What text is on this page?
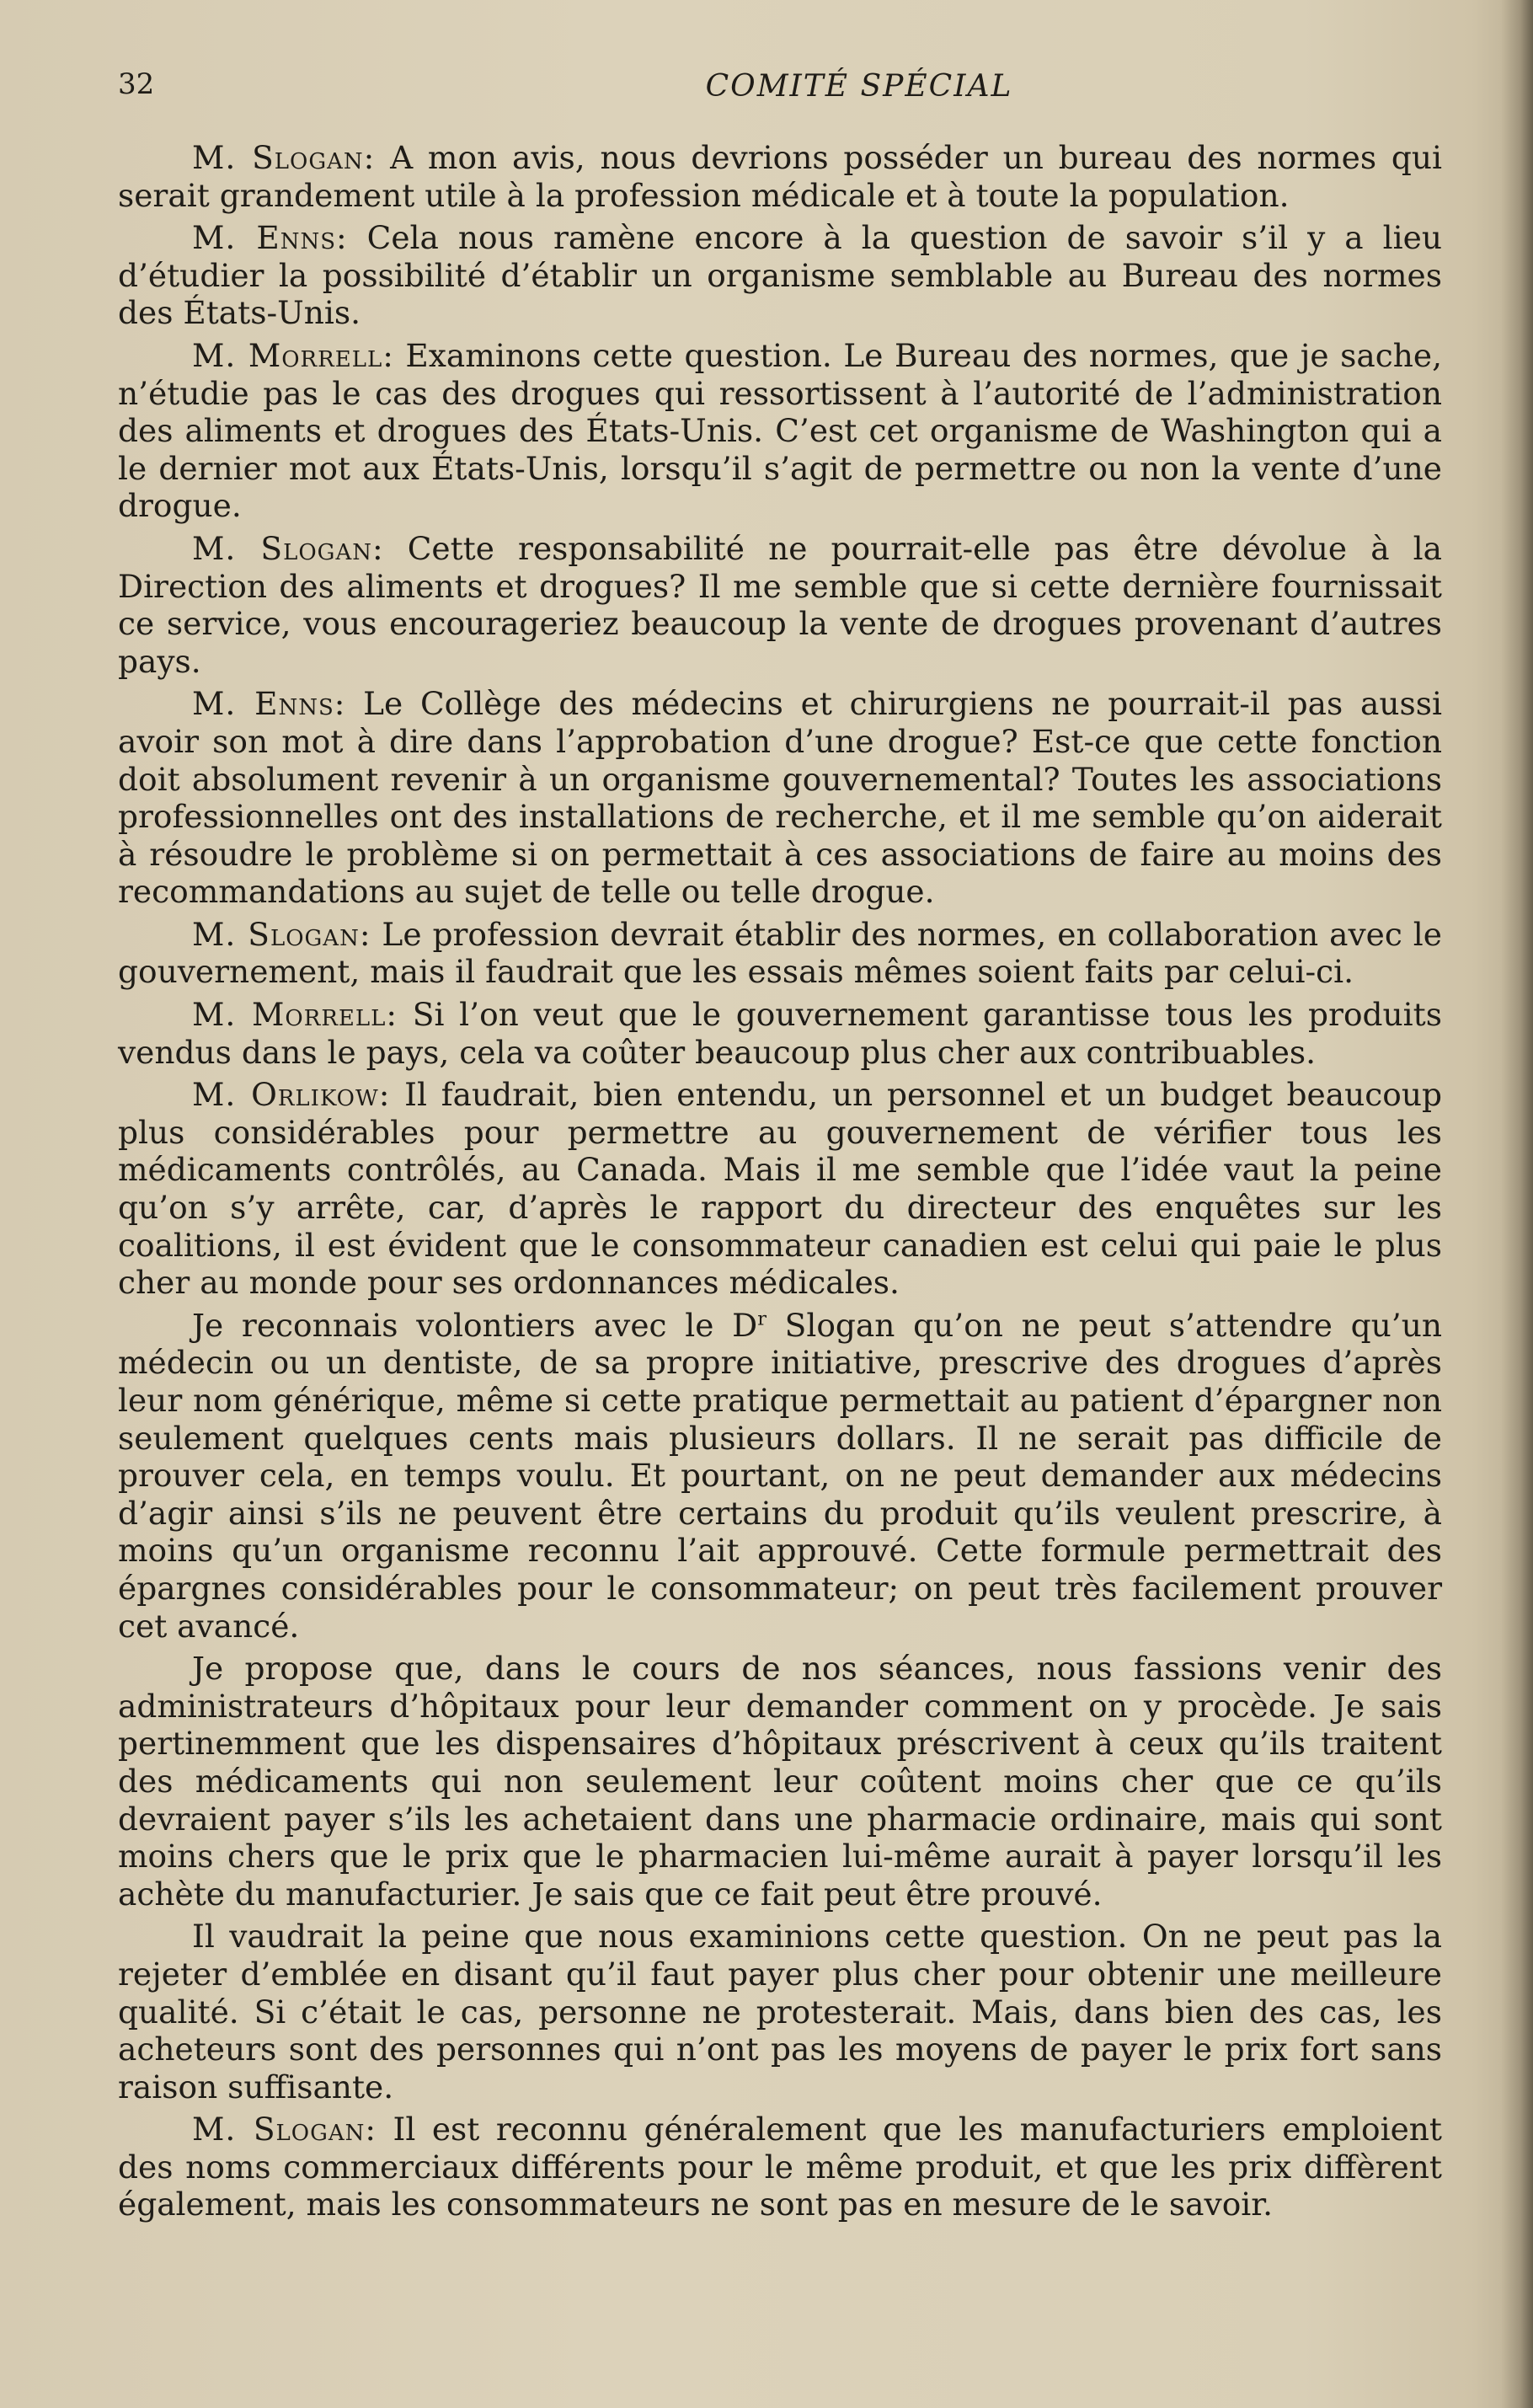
32	COMITÉ SPÉCIAL

M. Slogan: A mon avis, nous devrions posséder un bureau des normes qui serait grandement utile à la profession médicale et à toute la population.

M. Enns: Cela nous ramène encore à la question de savoir s’il y a lieu d’étudier la possibilité d’établir un organisme semblable au Bureau des normes des États-Unis.

M. Morrell: Examinons cette question. Le Bureau des normes, que je sache, n’étudie pas le cas des drogues qui ressortissent à l’autorité de l’administration des aliments et drogues des États-Unis. C’est cet organisme de Washington qui a le dernier mot aux États-Unis, lorsqu’il s’agit de permettre ou non la vente d’une drogue.

M. Slogan: Cette responsabilité ne pourrait-elle pas être dévolue à la Direction des aliments et drogues? Il me semble que si cette dernière fournissait ce service, vous encourageriez beaucoup la vente de drogues provenant d’autres pays.

M. Enns: Le Collège des médecins et chirurgiens ne pourrait-il pas aussi avoir son mot à dire dans l’approbation d’une drogue? Est-ce que cette fonction doit absolument revenir à un organisme gouvernemental? Toutes les associations professionnelles ont des installations de recherche, et il me semble qu’on aiderait à résoudre le problème si on permettait à ces associations de faire au moins des recommandations au sujet de telle ou telle drogue.

M. Slogan: Le profession devrait établir des normes, en collaboration avec le gouvernement, mais il faudrait que les essais mêmes soient faits par celui-ci.

M. Morrell: Si l’on veut que le gouvernement garantisse tous les produits vendus dans le pays, cela va coûter beaucoup plus cher aux contribuables.

M. Orlikow: Il faudrait, bien entendu, un personnel et un budget beaucoup plus considérables pour permettre au gouvernement de vérifier tous les médicaments contrôlés, au Canada. Mais il me semble que l’idée vaut la peine qu’on s’y arrête, car, d’après le rapport du directeur des enquêtes sur les coalitions, il est évident que le consommateur canadien est celui qui paie le plus cher au monde pour ses ordonnances médicales.

Je reconnais volontiers avec le $D^r$ Slogan qu’on ne peut s’attendre qu’un médecin ou un dentiste, de sa propre initiative, prescrive des drogues d’après leur nom générique, même si cette pratique permettait au patient d’épargner non seulement quelques cents mais plusieurs dollars. Il ne serait pas difficile de prouver cela, en temps voulu. Et pourtant, on ne peut demander aux médecins d’agir ainsi s’ils ne peuvent être certains du produit qu’ils veulent prescrire, à moins qu’un organisme reconnu l’ait approuvé. Cette formule permettrait des épargnes considérables pour le consommateur; on peut très facilement prouver cet avancé.

Je propose que, dans le cours de nos séances, nous fassions venir des administrateurs d’hôpitaux pour leur demander comment on y procède. Je sais pertinemment que les dispensaires d’hôpitaux préscrivent à ceux qu’ils traitent des médicaments qui non seulement leur coûtent moins cher que ce qu’ils devraient payer s’ils les achetaient dans une pharmacie ordinaire, mais qui sont moins chers que le prix que le pharmacien lui-même aurait à payer lorsqu’il les achète du manufacturier. Je sais que ce fait peut être prouvé.

Il vaudrait la peine que nous examinions cette question. On ne peut pas la rejeter d’emblée en disant qu’il faut payer plus cher pour obtenir une meilleure qualité. Si c’était le cas, personne ne protesterait. Mais, dans bien des cas, les acheteurs sont des personnes qui n’ont pas les moyens de payer le prix fort sans raison suffisante.

M. Slogan: Il est reconnu généralement que les manufacturiers emploient des noms commerciaux différents pour le même produit, et que les prix diffèrent également, mais les consommateurs ne sont pas en mesure de le savoir.
